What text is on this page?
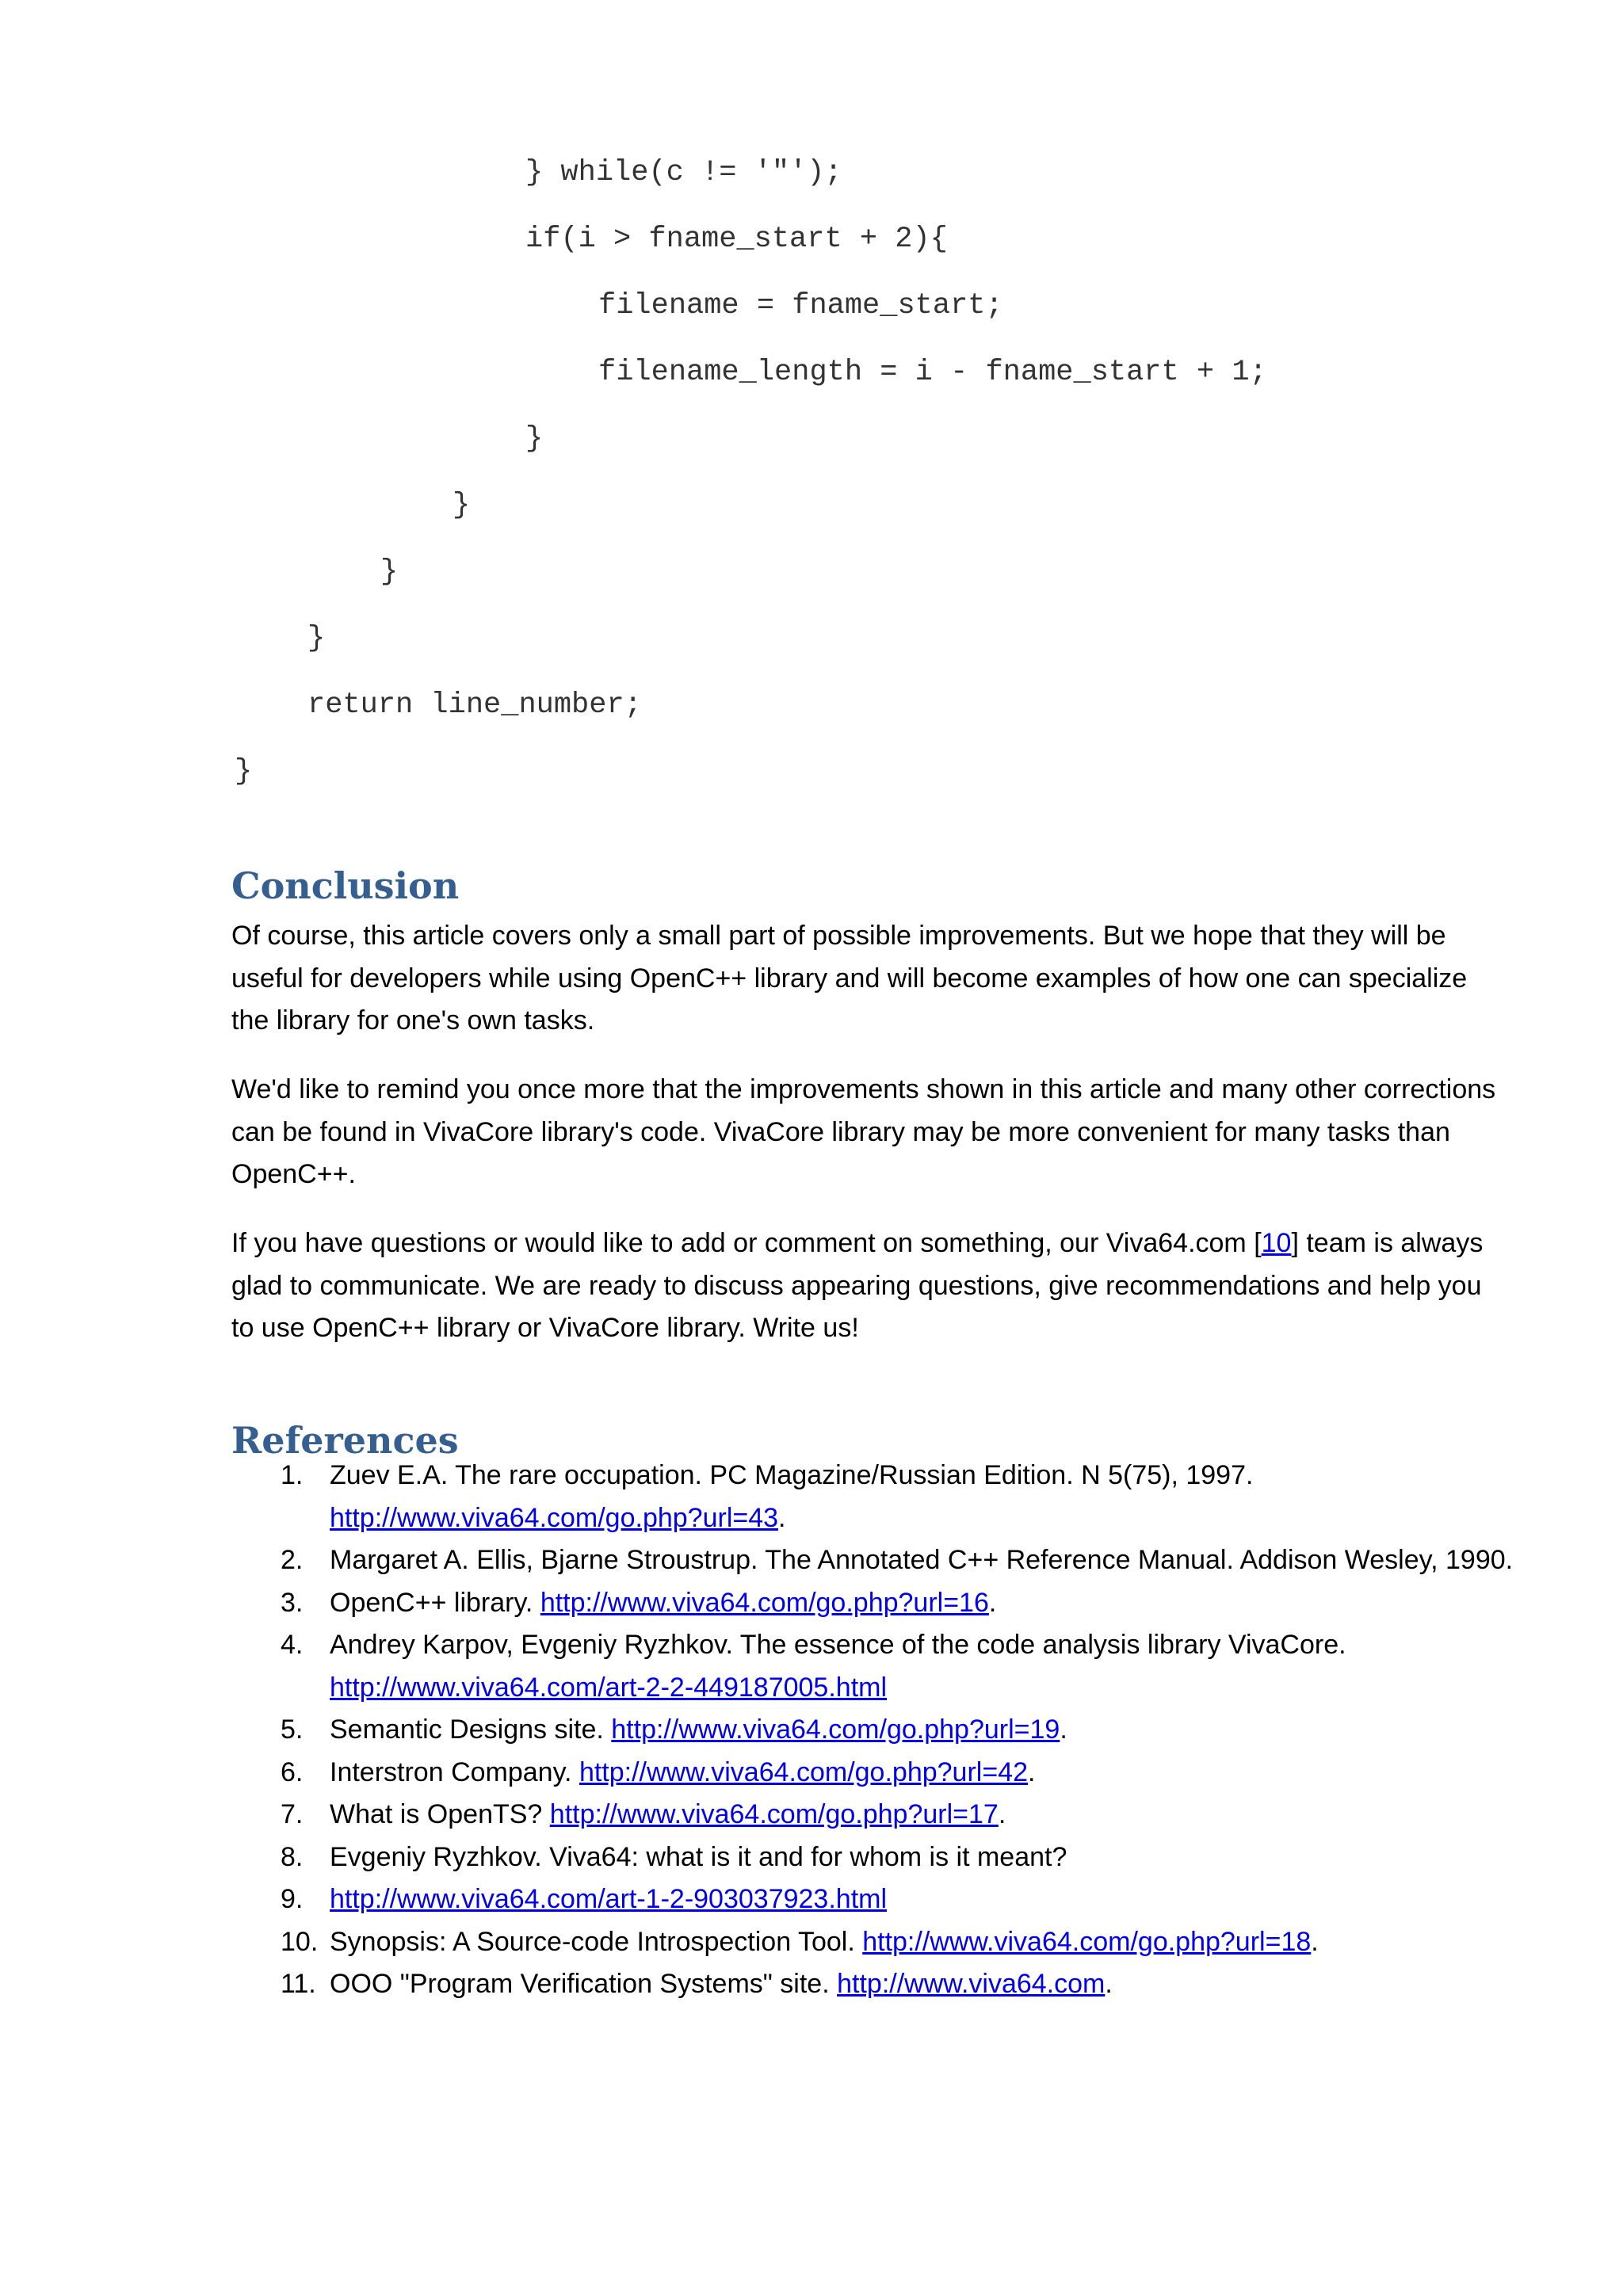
} while(c != '"');
if(i > fname_start + 2){
filename = fname_start;
filename_length = i - fname_start + 1;
}
}
}
}
return line_number;
}
Conclusion

Of course, this article covers only a small part of possible improvements. But we hope that they will be useful for developers while using OpenC++ library and will become examples of how one can specialize the library for one's own tasks.

We'd like to remind you once more that the improvements shown in this article and many other corrections can be found in VivaCore library's code. VivaCore library may be more convenient for many tasks than OpenC++.

If you have questions or would like to add or comment on something, our Viva64.com [10] team is always glad to communicate. We are ready to discuss appearing questions, give recommendations and help you to use OpenC++ library or VivaCore library. Write us!

References
1. Zuev E.A. The rare occupation. PC Magazine/Russian Edition. N 5(75), 1997. http://www.viva64.com/go.php?url=43.
2. Margaret A. Ellis, Bjarne Stroustrup. The Annotated C++ Reference Manual. Addison Wesley, 1990.
3. OpenC++ library. http://www.viva64.com/go.php?url=16.
4. Andrey Karpov, Evgeniy Ryzhkov. The essence of the code analysis library VivaCore. http://www.viva64.com/art-2-2-449187005.html
5. Semantic Designs site. http://www.viva64.com/go.php?url=19.
6. Interstron Company. http://www.viva64.com/go.php?url=42.
7. What is OpenTS? http://www.viva64.com/go.php?url=17.
8. Evgeniy Ryzhkov. Viva64: what is it and for whom is it meant?
9. http://www.viva64.com/art-1-2-903037923.html
10. Synopsis: A Source-code Introspection Tool. http://www.viva64.com/go.php?url=18.
11. OOO "Program Verification Systems" site. http://www.viva64.com.
